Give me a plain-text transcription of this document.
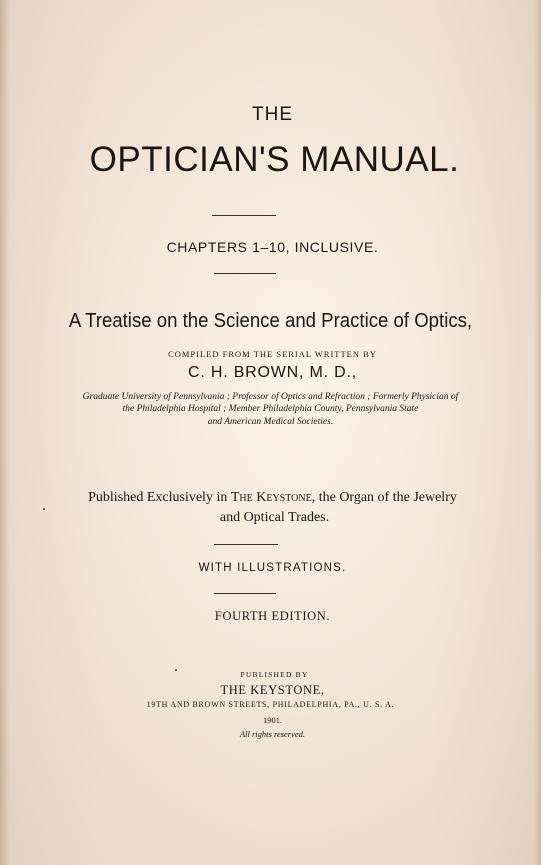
THE
OPTICIAN'S MANUAL.
CHAPTERS 1–10, INCLUSIVE.
A Treatise on the Science and Practice of Optics,
COMPILED FROM THE SERIAL WRITTEN BY
C. H. BROWN, M. D.,
Graduate University of Pennsylvania ; Professor of Optics and Refraction ; Formerly Physician of
the Philadelphia Hospital ; Member Philadelphia County, Pennsylvania State
and American Medical Societies.
Published Exclusively in The Keystone, the Organ of the Jewelry
and Optical Trades.
WITH ILLUSTRATIONS.
FOURTH EDITION.
PUBLISHED BY
THE KEYSTONE,
19TH AND BROWN STREETS, PHILADELPHIA, PA., U. S. A.
1901.
All rights reserved.
